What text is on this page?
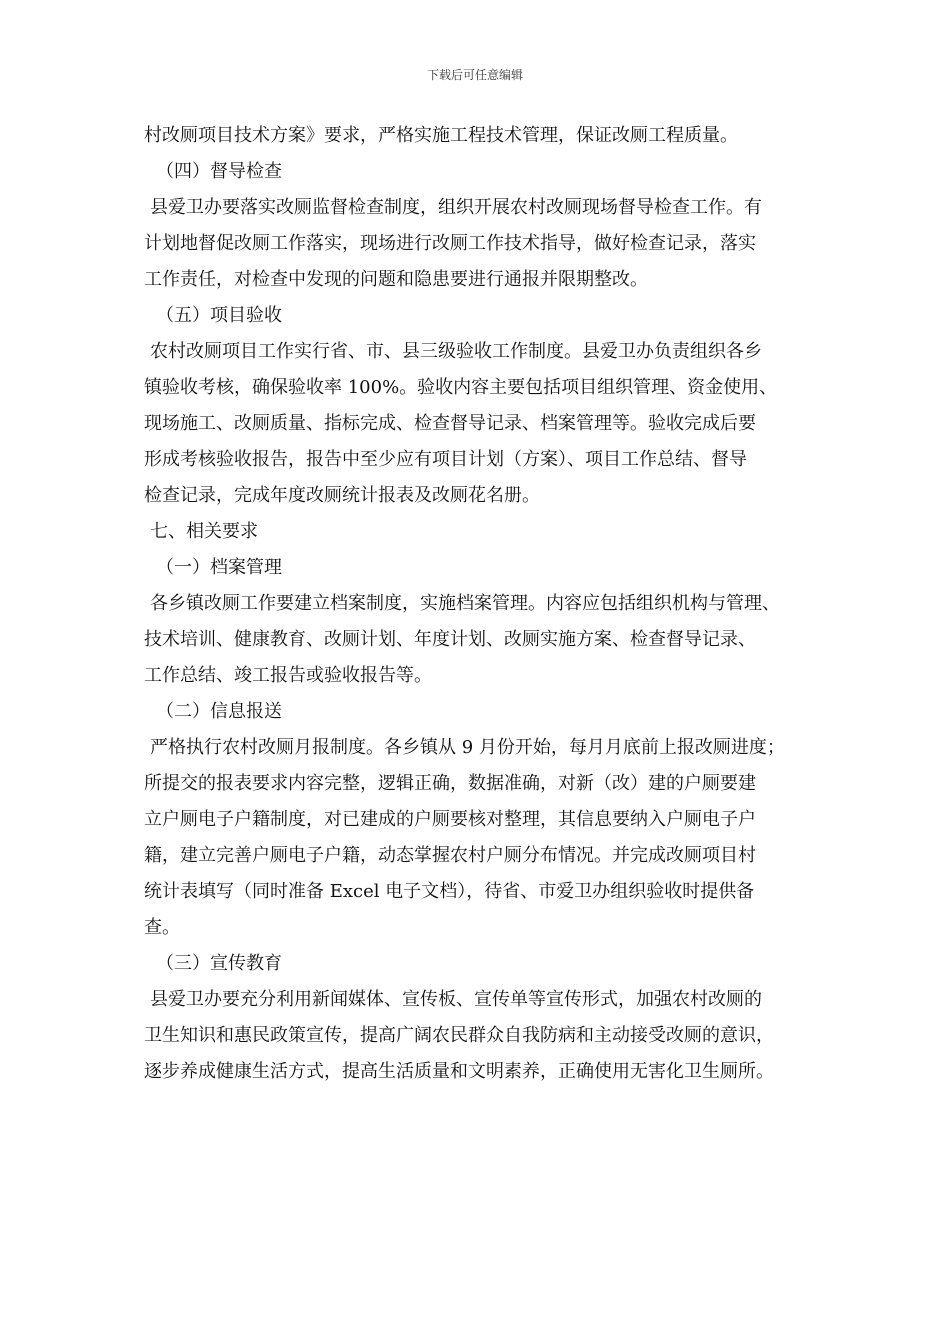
下载后可任意编辑
村改厕项目技术方案》要求，严格实施工程技术管理，保证改厕工程质量。
（四）督导检查
县爱卫办要落实改厕监督检查制度，组织开展农村改厕现场督导检查工作。有
计划地督促改厕工作落实，现场进行改厕工作技术指导，做好检查记录，落实
工作责任，对检查中发现的问题和隐患要进行通报并限期整改。
（五）项目验收
农村改厕项目工作实行省、市、县三级验收工作制度。县爱卫办负责组织各乡
镇验收考核，确保验收率 100%。验收内容主要包括项目组织管理、资金使用、
现场施工、改厕质量、指标完成、检查督导记录、档案管理等。验收完成后要
形成考核验收报告，报告中至少应有项目计划（方案）、项目工作总结、督导
检查记录，完成年度改厕统计报表及改厕花名册。
七、相关要求
（一）档案管理
各乡镇改厕工作要建立档案制度，实施档案管理。内容应包括组织机构与管理、
技术培训、健康教育、改厕计划、年度计划、改厕实施方案、检查督导记录、
工作总结、竣工报告或验收报告等。
（二）信息报送
严格执行农村改厕月报制度。各乡镇从 9 月份开始，每月月底前上报改厕进度；
所提交的报表要求内容完整，逻辑正确，数据准确，对新（改）建的户厕要建
立户厕电子户籍制度，对已建成的户厕要核对整理，其信息要纳入户厕电子户
籍，建立完善户厕电子户籍，动态掌握农村户厕分布情况。并完成改厕项目村
统计表填写（同时准备 Excel 电子文档），待省、市爱卫办组织验收时提供备
查。
（三）宣传教育
县爱卫办要充分利用新闻媒体、宣传板、宣传单等宣传形式，加强农村改厕的
卫生知识和惠民政策宣传，提高广阔农民群众自我防病和主动接受改厕的意识，
逐步养成健康生活方式，提高生活质量和文明素养，正确使用无害化卫生厕所。
